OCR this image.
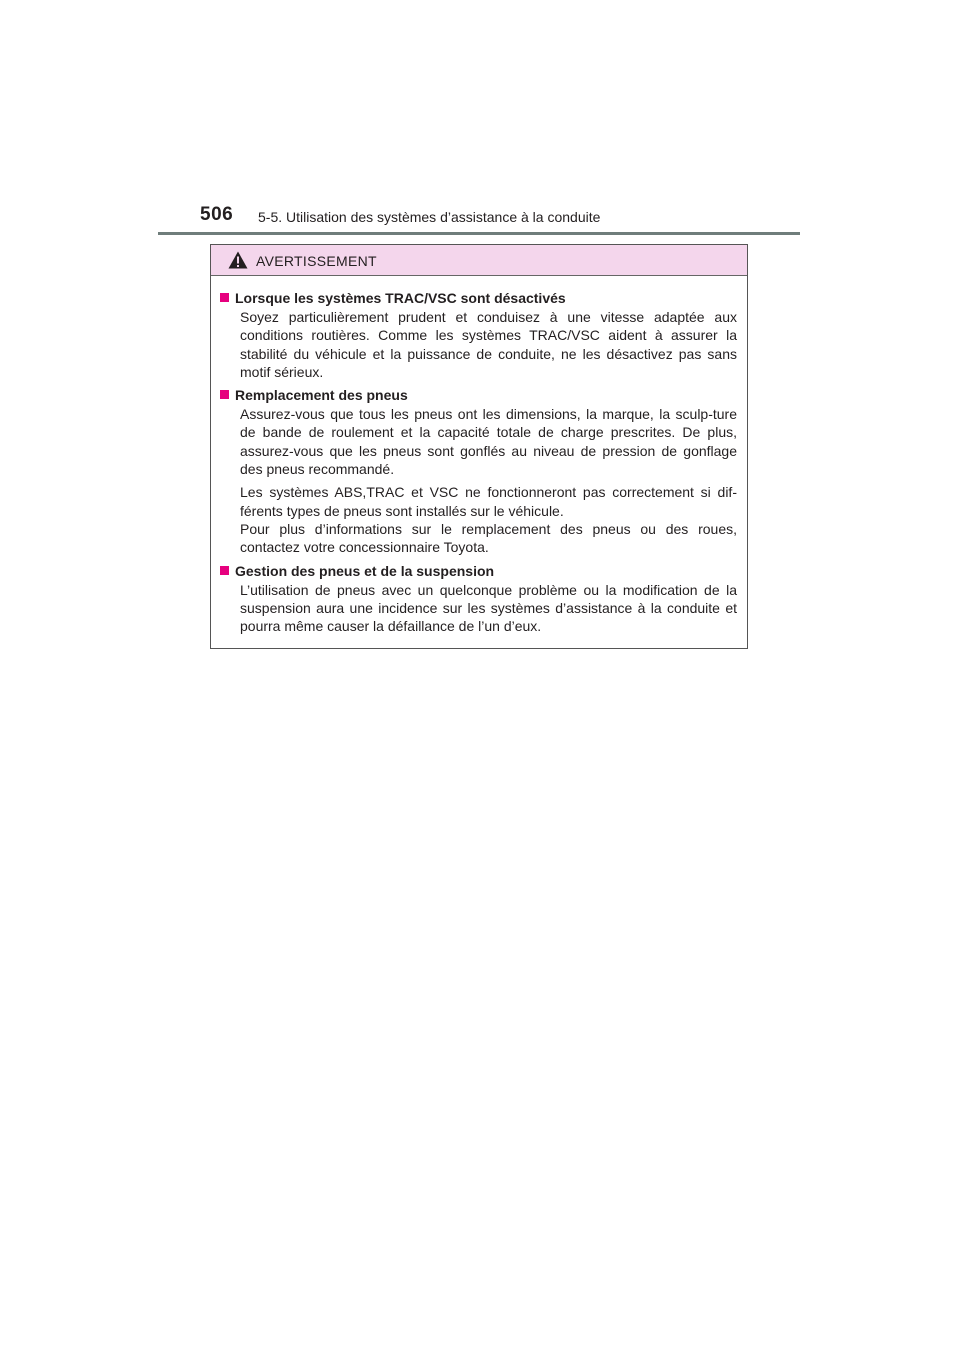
506 5-5. Utilisation des systèmes d’assistance à la conduite
AVERTISSEMENT
Lorsque les systèmes TRAC/VSC sont désactivés
Soyez particulièrement prudent et conduisez à une vitesse adaptée aux conditions routières. Comme les systèmes TRAC/VSC aident à assurer la stabilité du véhicule et la puissance de conduite, ne les désactivez pas sans motif sérieux.
Remplacement des pneus
Assurez-vous que tous les pneus ont les dimensions, la marque, la sculp-ture de bande de roulement et la capacité totale de charge prescrites. De plus, assurez-vous que les pneus sont gonflés au niveau de pression de gonflage des pneus recommandé.
Les systèmes ABS,TRAC et VSC ne fonctionneront pas correctement si dif-férents types de pneus sont installés sur le véhicule.
Pour plus d’informations sur le remplacement des pneus ou des roues, contactez votre concessionnaire Toyota.
Gestion des pneus et de la suspension
L’utilisation de pneus avec un quelconque problème ou la modification de la suspension aura une incidence sur les systèmes d’assistance à la conduite et pourra même causer la défaillance de l’un d’eux.
